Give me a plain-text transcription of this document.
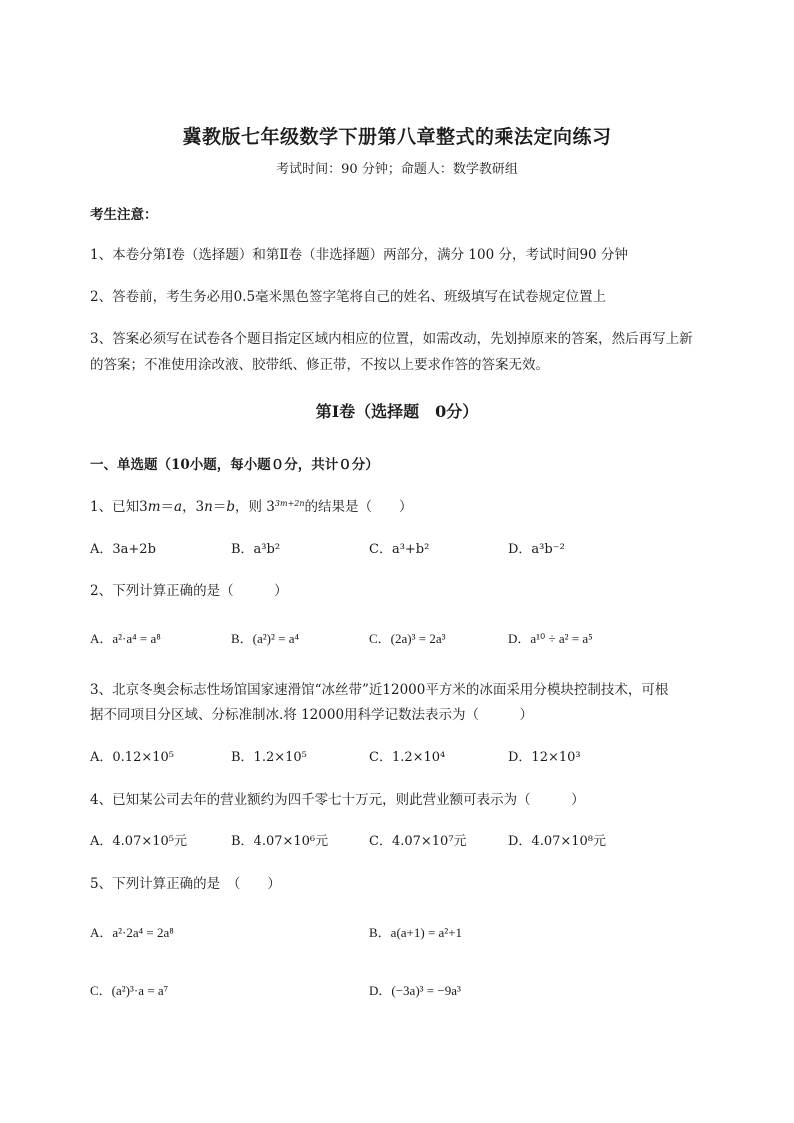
冀教版七年级数学下册第八章整式的乘法定向练习
考试时间：90 分钟；命题人：数学教研组
考生注意：
1、本卷分第Ⅰ卷（选择题）和第Ⅱ卷（非选择题）两部分，满分 100 分，考试时间90 分钟
2、答卷前，考生务必用0.5毫米黑色签字笔将自己的姓名、班级填写在试卷规定位置上
3、答案必须写在试卷各个题目指定区域内相应的位置，如需改动，先划掉原来的答案，然后再写上新
的答案；不准使用涂改液、胶带纸、修正带，不按以上要求作答的答案无效。
第Ⅰ卷（选择题　0分）
一、单选题（10小题，每小题０分，共计０分）
1、已知3m＝a，3n＝b，则 $3^{3m+2n}$的结果是（　　）
A．3a+2b	B．a³b²	C．a³+b²	D．a³b⁻²
2、下列计算正确的是（　　　）
A．a²·a⁴ = a⁸	B．(a²)² = a⁴	C．(2a)³ = 2a³	D．a¹⁰ ÷ a² = a⁵
3、北京冬奥会标志性场馆国家速滑馆“冰丝带”近12000平方米的冰面采用分模块控制技术，可根
据不同项目分区域、分标准制冰.将 12000用科学记数法表示为（　　　）
A．0.12×10⁵	B．1.2×10⁵	C．1.2×10⁴	D．12×10³
4、已知某公司去年的营业额约为四千零七十万元，则此营业额可表示为（　　　）
A．4.07×10⁵元	B．4.07×10⁶元	C．4.07×10⁷元	D．4.07×10⁸元
5、下列计算正确的是　（　　）
A．a²·2a⁴ = 2a⁸	B．a(a+1) = a²+1
C．(a²)³·a = a⁷	D．(−3a)³ = −9a³
